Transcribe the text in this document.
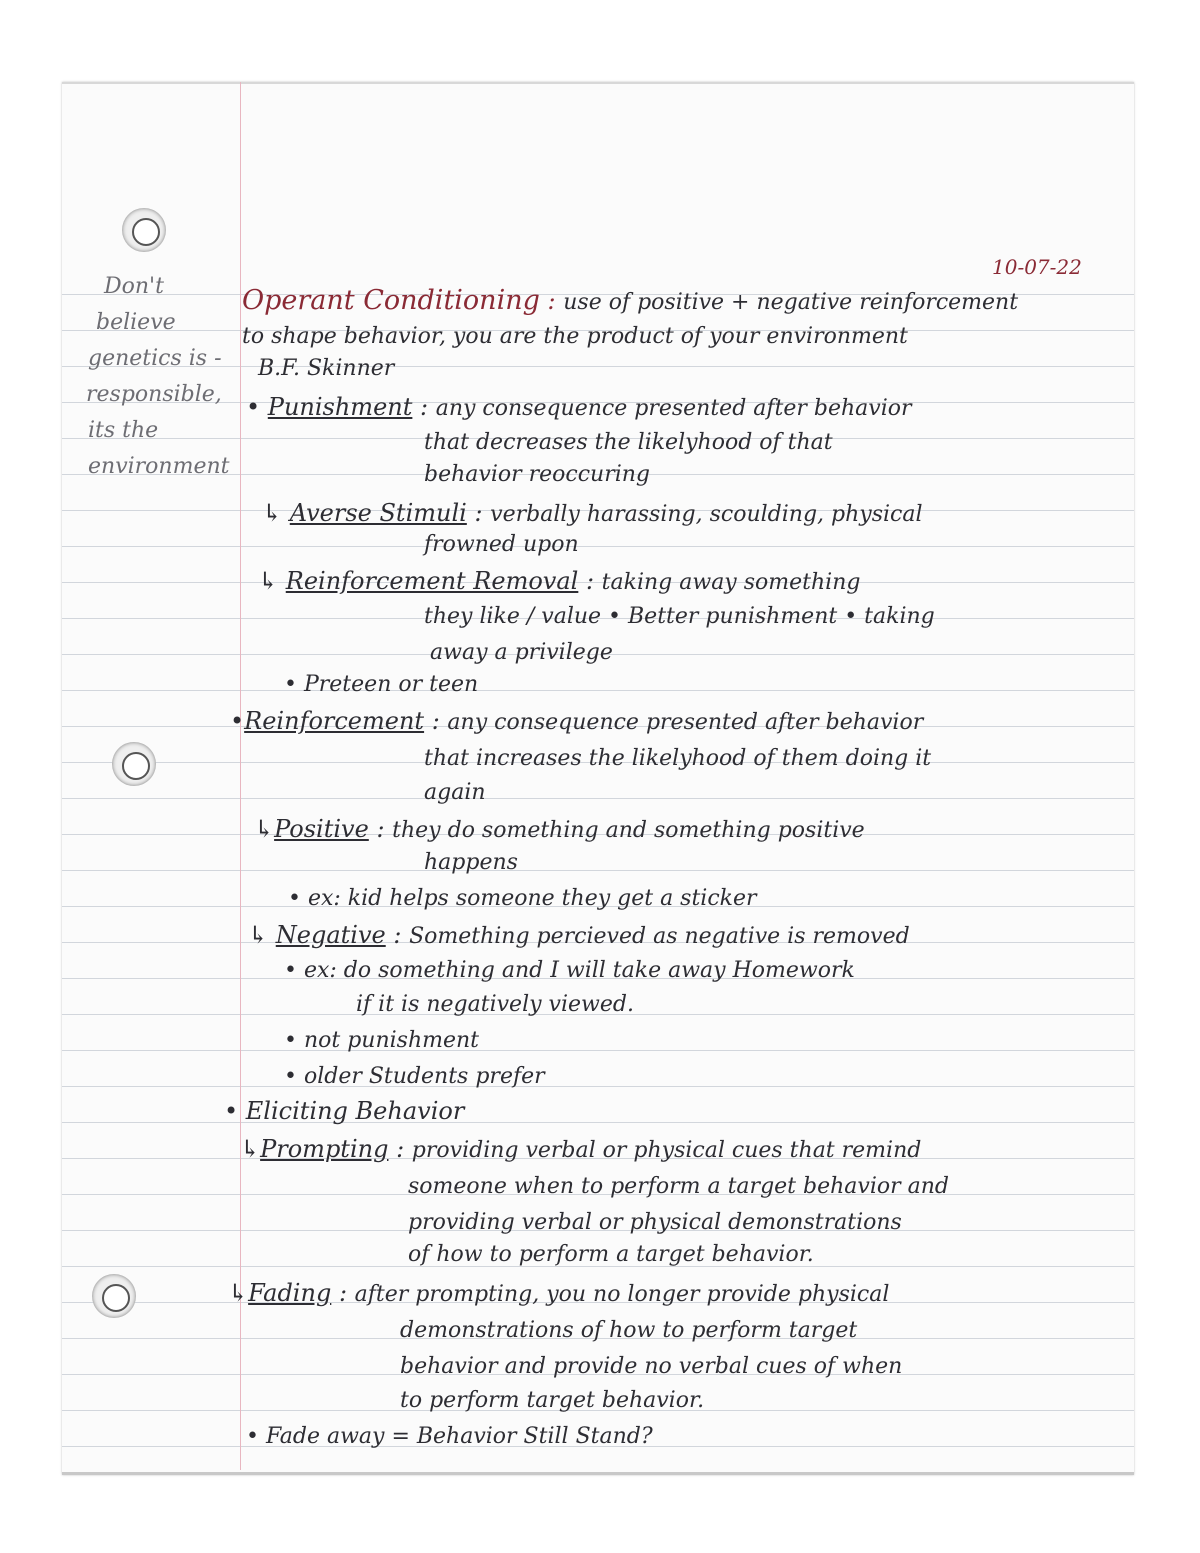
10-07-22
Don't
believe
genetics is -
responsible,
its the
environment
Operant Conditioning : use of positive + negative reinforcement
to shape behavior, you are the product of your environment
B.F. Skinner
• Punishment : any consequence presented after behavior
that decreases the likelyhood of that
behavior reoccuring
↳ Averse Stimuli : verbally harassing, scoulding, physical
frowned upon
↳ Reinforcement Removal : taking away something
they like / value • Better punishment • taking
away a privilege
• Preteen or teen
•Reinforcement : any consequence presented after behavior
that increases the likelyhood of them doing it
again
↳Positive : they do something and something positive
happens
• ex: kid helps someone they get a sticker
↳ Negative : Something percieved as negative is removed
• ex: do something and I will take away Homework
if it is negatively viewed.
• not punishment
• older Students prefer
• Eliciting Behavior
↳Prompting : providing verbal or physical cues that remind
someone when to perform a target behavior and
providing verbal or physical demonstrations
of how to perform a target behavior.
↳Fading : after prompting, you no longer provide physical
demonstrations of how to perform target
behavior and provide no verbal cues of when
to perform target behavior.
• Fade away = Behavior Still Stand?
